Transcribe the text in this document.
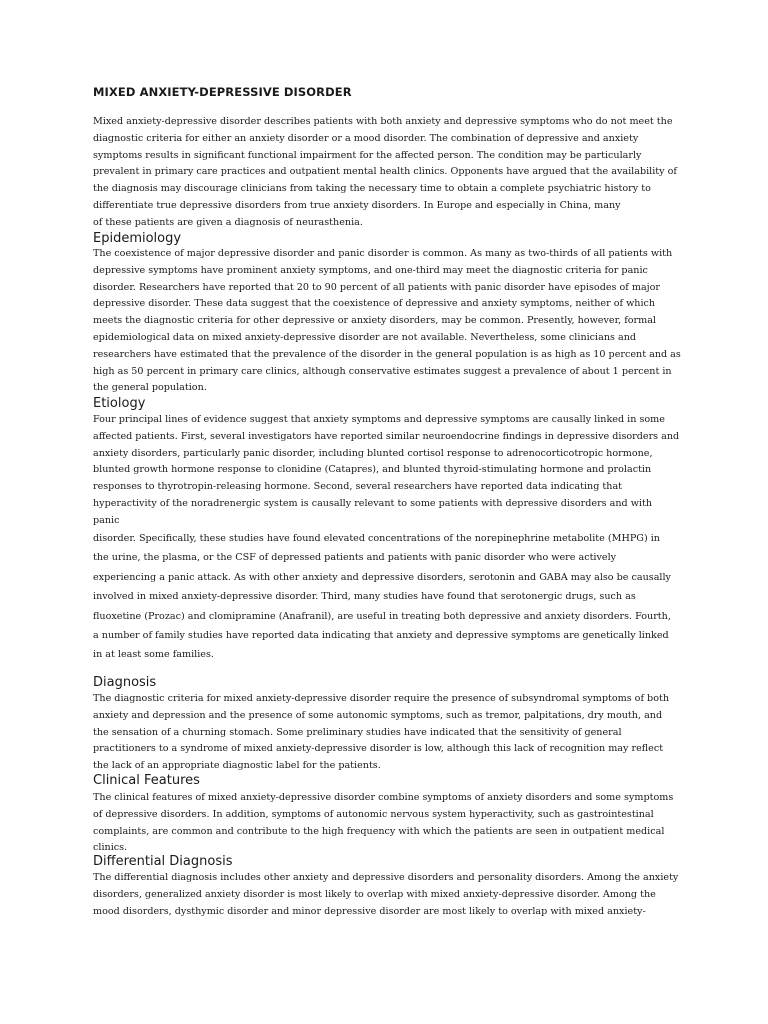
MIXED ANXIETY-DEPRESSIVE DISORDER

Mixed anxiety-depressive disorder describes patients with both anxiety and depressive symptoms who do not meet the
diagnostic criteria for either an anxiety disorder or a mood disorder. The combination of depressive and anxiety
symptoms results in significant functional impairment for the affected person. The condition may be particularly
prevalent in primary care practices and outpatient mental health clinics. Opponents have argued that the availability of
the diagnosis may discourage clinicians from taking the necessary time to obtain a complete psychiatric history to
differentiate true depressive disorders from true anxiety disorders. In Europe and especially in China, many
of these patients are given a diagnosis of neurasthenia.

Epidemiology

The coexistence of major depressive disorder and panic disorder is common. As many as two-thirds of all patients with
depressive symptoms have prominent anxiety symptoms, and one-third may meet the diagnostic criteria for panic
disorder. Researchers have reported that 20 to 90 percent of all patients with panic disorder have episodes of major
depressive disorder. These data suggest that the coexistence of depressive and anxiety symptoms, neither of which
meets the diagnostic criteria for other depressive or anxiety disorders, may be common. Presently, however, formal
epidemiological data on mixed anxiety-depressive disorder are not available. Nevertheless, some clinicians and
researchers have estimated that the prevalence of the disorder in the general population is as high as 10 percent and as
high as 50 percent in primary care clinics, although conservative estimates suggest a prevalence of about 1 percent in
the general population.

Etiology

Four principal lines of evidence suggest that anxiety symptoms and depressive symptoms are causally linked in some
affected patients. First, several investigators have reported similar neuroendocrine findings in depressive disorders and
anxiety disorders, particularly panic disorder, including blunted cortisol response to adrenocorticotropic hormone,
blunted growth hormone response to clonidine (Catapres), and blunted thyroid-stimulating hormone and prolactin
responses to thyrotropin-releasing hormone. Second, several researchers have reported data indicating that
hyperactivity of the noradrenergic system is causally relevant to some patients with depressive disorders and with
panic

disorder. Specifically, these studies have found elevated concentrations of the norepinephrine metabolite (MHPG) in
the urine, the plasma, or the CSF of depressed patients and patients with panic disorder who were actively
experiencing a panic attack. As with other anxiety and depressive disorders, serotonin and GABA may also be causally
involved in mixed anxiety-depressive disorder. Third, many studies have found that serotonergic drugs, such as
fluoxetine (Prozac) and clomipramine (Anafranil), are useful in treating both depressive and anxiety disorders. Fourth,
a number of family studies have reported data indicating that anxiety and depressive symptoms are genetically linked
in at least some families.

Diagnosis

The diagnostic criteria for mixed anxiety-depressive disorder require the presence of subsyndromal symptoms of both
anxiety and depression and the presence of some autonomic symptoms, such as tremor, palpitations, dry mouth, and
the sensation of a churning stomach. Some preliminary studies have indicated that the sensitivity of general
practitioners to a syndrome of mixed anxiety-depressive disorder is low, although this lack of recognition may reflect
the lack of an appropriate diagnostic label for the patients.

Clinical Features

The clinical features of mixed anxiety-depressive disorder combine symptoms of anxiety disorders and some symptoms
of depressive disorders. In addition, symptoms of autonomic nervous system hyperactivity, such as gastrointestinal
complaints, are common and contribute to the high frequency with which the patients are seen in outpatient medical
clinics.

Differential Diagnosis

The differential diagnosis includes other anxiety and depressive disorders and personality disorders. Among the anxiety
disorders, generalized anxiety disorder is most likely to overlap with mixed anxiety-depressive disorder. Among the
mood disorders, dysthymic disorder and minor depressive disorder are most likely to overlap with mixed anxiety-
